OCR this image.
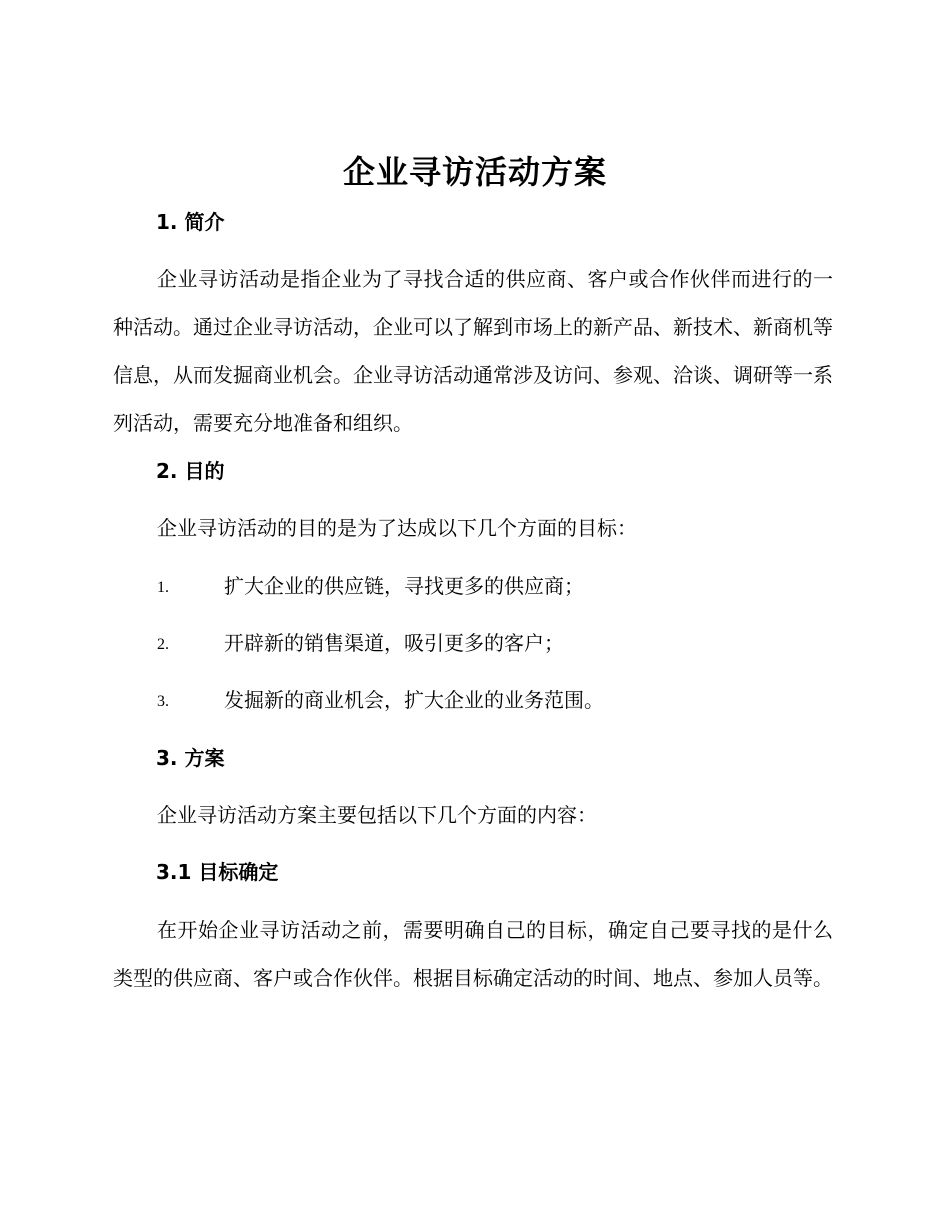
企业寻访活动方案
1. 简介
企业寻访活动是指企业为了寻找合适的供应商、客户或合作伙伴而进行的一种活动。通过企业寻访活动，企业可以了解到市场上的新产品、新技术、新商机等信息，从而发掘商业机会。企业寻访活动通常涉及访问、参观、洽谈、调研等一系列活动，需要充分地准备和组织。
2. 目的
企业寻访活动的目的是为了达成以下几个方面的目标：
1.	扩大企业的供应链，寻找更多的供应商；
2.	开辟新的销售渠道，吸引更多的客户；
3.	发掘新的商业机会，扩大企业的业务范围。
3. 方案
企业寻访活动方案主要包括以下几个方面的内容：
3.1 目标确定
在开始企业寻访活动之前，需要明确自己的目标，确定自己要寻找的是什么类型的供应商、客户或合作伙伴。根据目标确定活动的时间、地点、参加人员等。
